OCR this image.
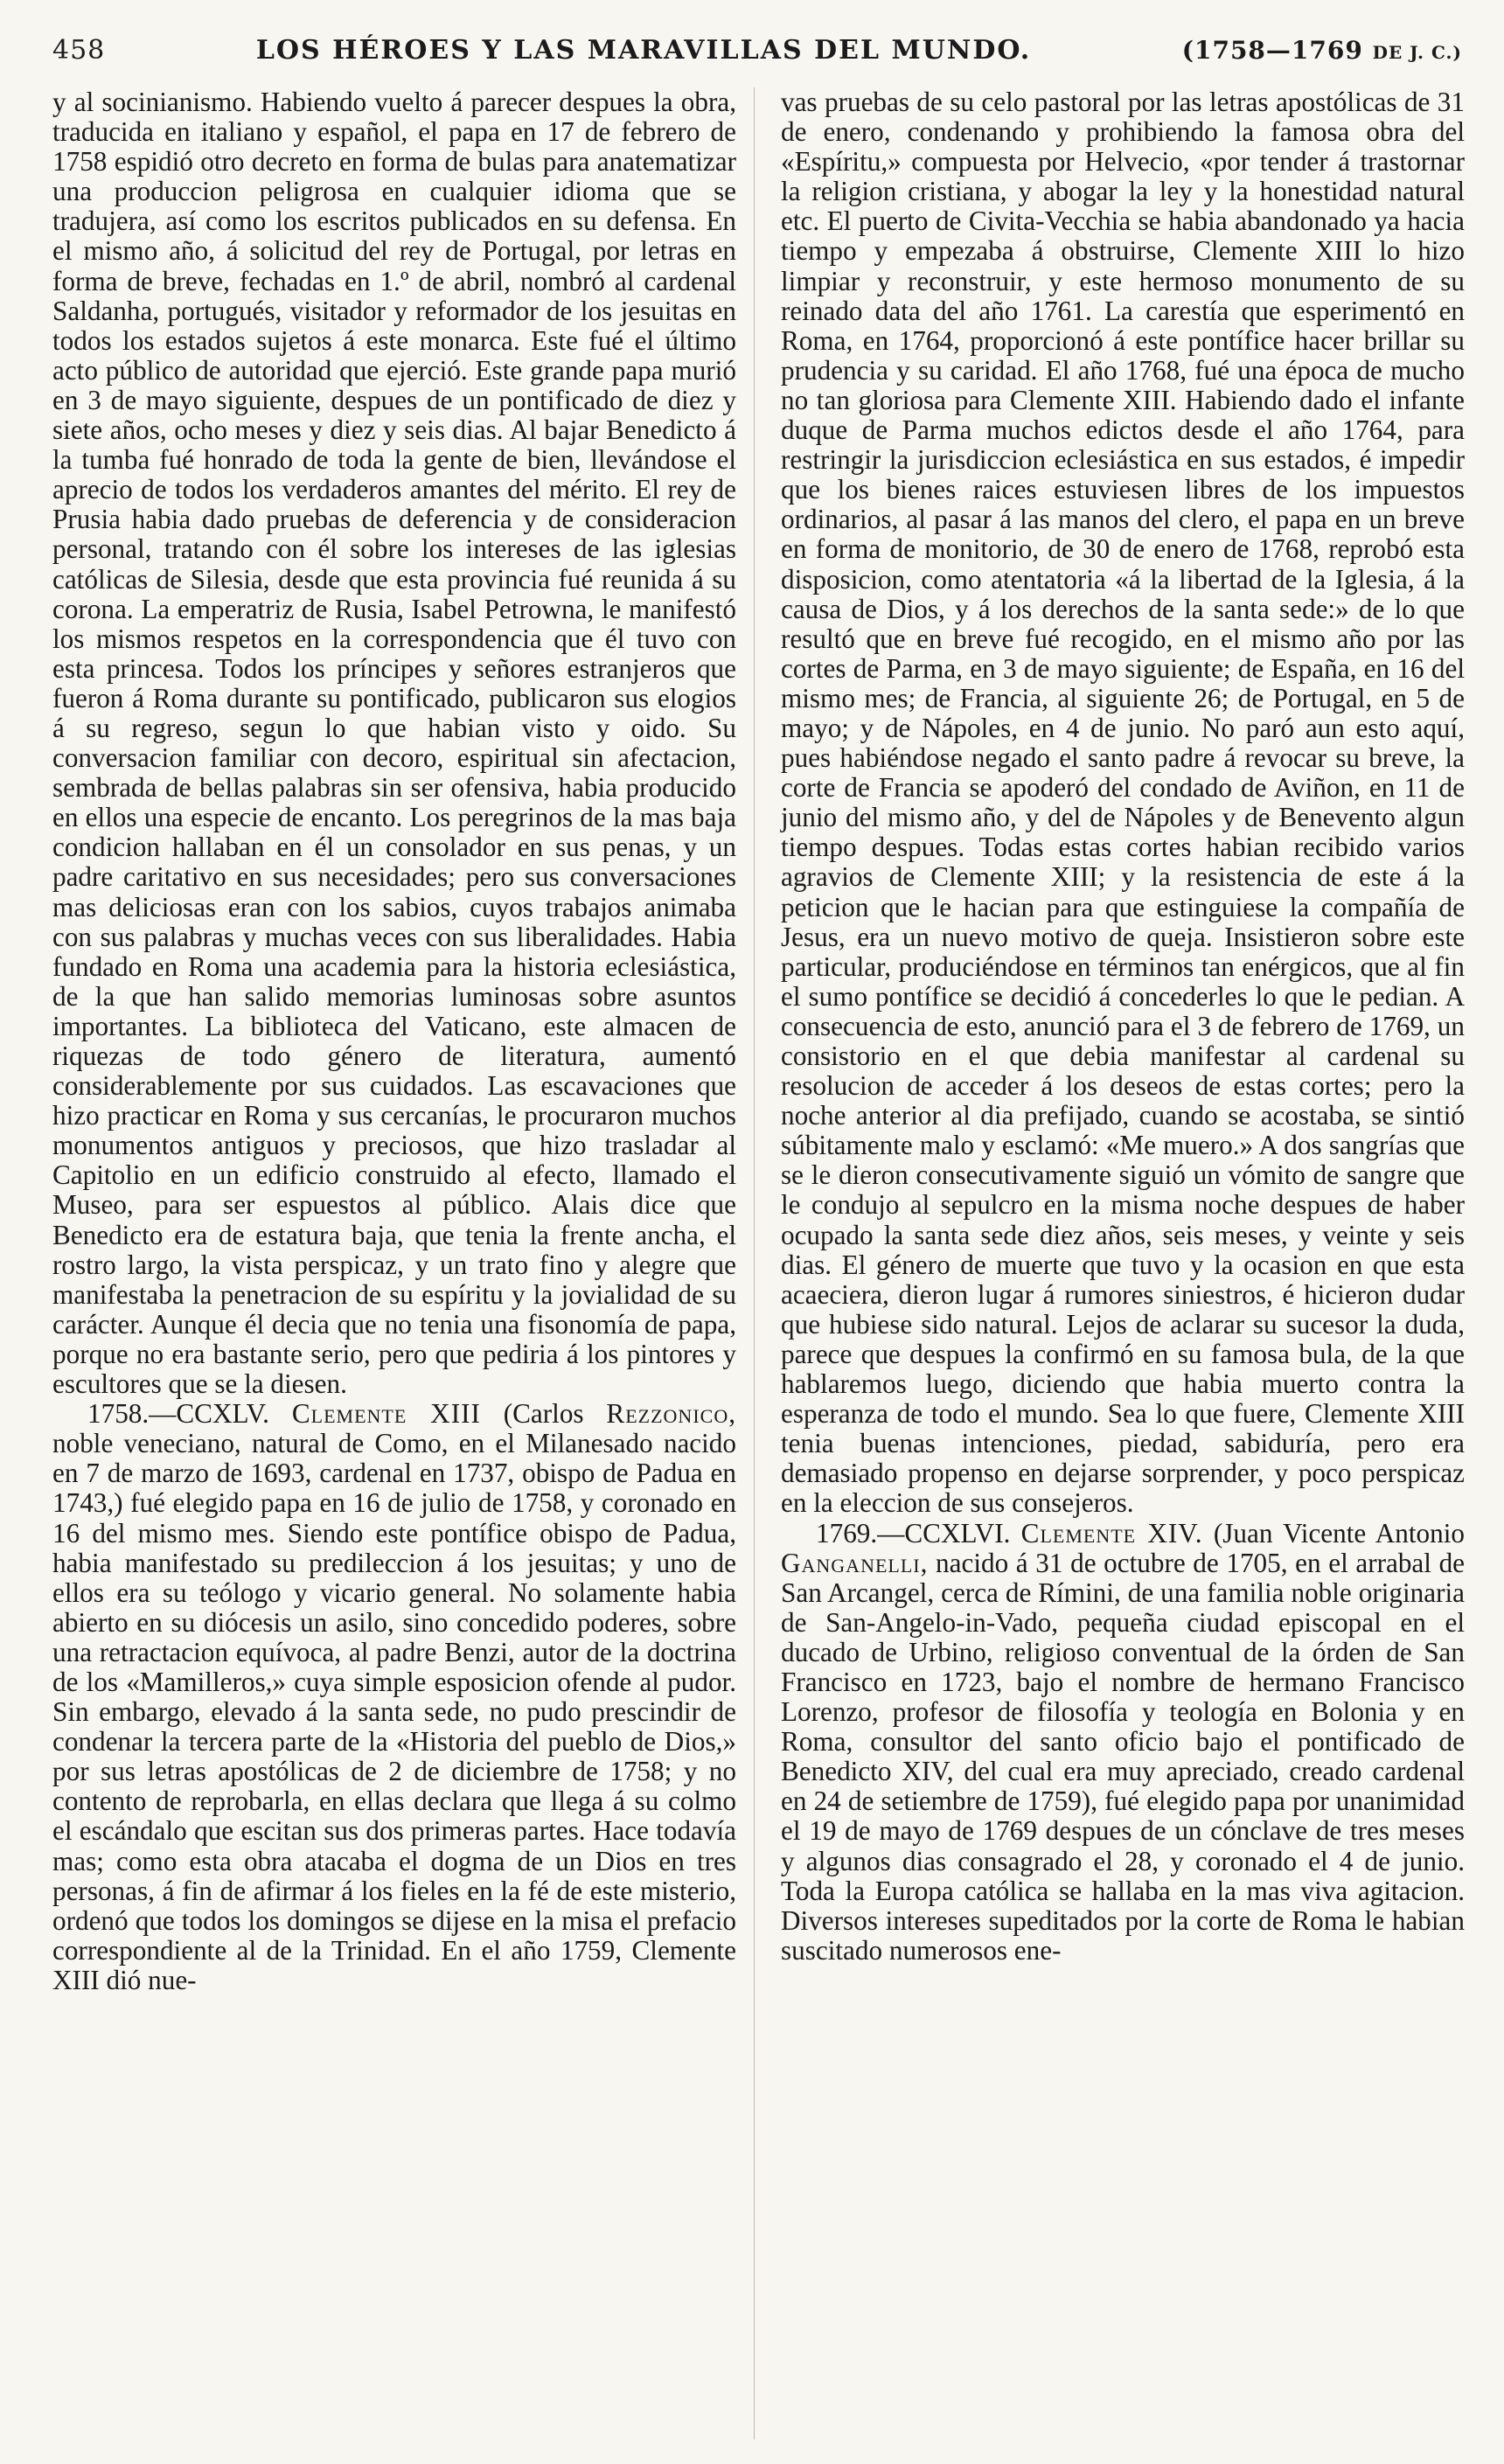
458	LOS HÉROES Y LAS MARAVILLAS DEL MUNDO.	(1758—1769 DE J. C.)

y al socinianismo. Habiendo vuelto á parecer despues la obra, traducida en italiano y español, el papa en 17 de febrero de 1758 espidió otro decreto en forma de bulas para anatematizar una produccion peligrosa en cualquier idioma que se tradujera, así como los escritos publicados en su defensa. En el mismo año, á solicitud del rey de Portugal, por letras en forma de breve, fechadas en 1.º de abril, nombró al cardenal Saldanha, portugués, visitador y reformador de los jesuitas en todos los estados sujetos á este monarca. Este fué el último acto público de autoridad que ejerció. Este grande papa murió en 3 de mayo siguiente, despues de un pontificado de diez y siete años, ocho meses y diez y seis dias. Al bajar Benedicto á la tumba fué honrado de toda la gente de bien, llevándose el aprecio de todos los verdaderos amantes del mérito. El rey de Prusia habia dado pruebas de deferencia y de consideracion personal, tratando con él sobre los intereses de las iglesias católicas de Silesia, desde que esta provincia fué reunida á su corona. La emperatriz de Rusia, Isabel Petrowna, le manifestó los mismos respetos en la correspondencia que él tuvo con esta princesa. Todos los príncipes y señores estranjeros que fueron á Roma durante su pontificado, publicaron sus elogios á su regreso, segun lo que habian visto y oido. Su conversacion familiar con decoro, espiritual sin afectacion, sembrada de bellas palabras sin ser ofensiva, habia producido en ellos una especie de encanto. Los peregrinos de la mas baja condicion hallaban en él un consolador en sus penas, y un padre caritativo en sus necesidades; pero sus conversaciones mas deliciosas eran con los sabios, cuyos trabajos animaba con sus palabras y muchas veces con sus liberalidades. Habia fundado en Roma una academia para la historia eclesiástica, de la que han salido memorias luminosas sobre asuntos importantes. La biblioteca del Vaticano, este almacen de riquezas de todo género de literatura, aumentó considerablemente por sus cuidados. Las escavaciones que hizo practicar en Roma y sus cercanías, le procuraron muchos monumentos antiguos y preciosos, que hizo trasladar al Capitolio en un edificio construido al efecto, llamado el Museo, para ser espuestos al público. Alais dice que Benedicto era de estatura baja, que tenia la frente ancha, el rostro largo, la vista perspicaz, y un trato fino y alegre que manifestaba la penetracion de su espíritu y la jovialidad de su carácter. Aunque él decia que no tenia una fisonomía de papa, porque no era bastante serio, pero que pediria á los pintores y escultores que se la diesen.

1758.—CCXLV. Clemente XIII (Carlos Rezzonico, noble veneciano, natural de Como, en el Milanesado nacido en 7 de marzo de 1693, cardenal en 1737, obispo de Padua en 1743,) fué elegido papa en 16 de julio de 1758, y coronado en 16 del mismo mes. Siendo este pontífice obispo de Padua, habia manifestado su predileccion á los jesuitas; y uno de ellos era su teólogo y vicario general. No solamente habia abierto en su diócesis un asilo, sino concedido poderes, sobre una retractacion equívoca, al padre Benzi, autor de la doctrina de los «Mamilleros,» cuya simple esposicion ofende al pudor. Sin embargo, elevado á la santa sede, no pudo prescindir de condenar la tercera parte de la «Historia del pueblo de Dios,» por sus letras apostólicas de 2 de diciembre de 1758; y no contento de reprobarla, en ellas declara que llega á su colmo el escándalo que escitan sus dos primeras partes. Hace todavía mas; como esta obra atacaba el dogma de un Dios en tres personas, á fin de afirmar á los fieles en la fé de este misterio, ordenó que todos los domingos se dijese en la misa el prefacio correspondiente al de la Trinidad. En el año 1759, Clemente XIII dió nue-

vas pruebas de su celo pastoral por las letras apostólicas de 31 de enero, condenando y prohibiendo la famosa obra del «Espíritu,» compuesta por Helvecio, «por tender á trastornar la religion cristiana, y abogar la ley y la honestidad natural etc. El puerto de Civita-Vecchia se habia abandonado ya hacia tiempo y empezaba á obstruirse, Clemente XIII lo hizo limpiar y reconstruir, y este hermoso monumento de su reinado data del año 1761. La carestía que esperimentó en Roma, en 1764, proporcionó á este pontífice hacer brillar su prudencia y su caridad. El año 1768, fué una época de mucho no tan gloriosa para Clemente XIII. Habiendo dado el infante duque de Parma muchos edictos desde el año 1764, para restringir la jurisdiccion eclesiástica en sus estados, é impedir que los bienes raices estuviesen libres de los impuestos ordinarios, al pasar á las manos del clero, el papa en un breve en forma de monitorio, de 30 de enero de 1768, reprobó esta disposicion, como atentatoria «á la libertad de la Iglesia, á la causa de Dios, y á los derechos de la santa sede:» de lo que resultó que en breve fué recogido, en el mismo año por las cortes de Parma, en 3 de mayo siguiente; de España, en 16 del mismo mes; de Francia, al siguiente 26; de Portugal, en 5 de mayo; y de Nápoles, en 4 de junio. No paró aun esto aquí, pues habiéndose negado el santo padre á revocar su breve, la corte de Francia se apoderó del condado de Aviñon, en 11 de junio del mismo año, y del de Nápoles y de Benevento algun tiempo despues. Todas estas cortes habian recibido varios agravios de Clemente XIII; y la resistencia de este á la peticion que le hacian para que estinguiese la compañía de Jesus, era un nuevo motivo de queja. Insistieron sobre este particular, produciéndose en términos tan enérgicos, que al fin el sumo pontífice se decidió á concederles lo que le pedian. A consecuencia de esto, anunció para el 3 de febrero de 1769, un consistorio en el que debia manifestar al cardenal su resolucion de acceder á los deseos de estas cortes; pero la noche anterior al dia prefijado, cuando se acostaba, se sintió súbitamente malo y esclamó: «Me muero.» A dos sangrías que se le dieron consecutivamente siguió un vómito de sangre que le condujo al sepulcro en la misma noche despues de haber ocupado la santa sede diez años, seis meses, y veinte y seis dias. El género de muerte que tuvo y la ocasion en que esta acaeciera, dieron lugar á rumores siniestros, é hicieron dudar que hubiese sido natural. Lejos de aclarar su sucesor la duda, parece que despues la confirmó en su famosa bula, de la que hablaremos luego, diciendo que habia muerto contra la esperanza de todo el mundo. Sea lo que fuere, Clemente XIII tenia buenas intenciones, piedad, sabiduría, pero era demasiado propenso en dejarse sorprender, y poco perspicaz en la eleccion de sus consejeros.

1769.—CCXLVI. Clemente XIV. (Juan Vicente Antonio Ganganelli, nacido á 31 de octubre de 1705, en el arrabal de San Arcangel, cerca de Rímini, de una familia noble originaria de San-Angelo-in-Vado, pequeña ciudad episcopal en el ducado de Urbino, religioso conventual de la órden de San Francisco en 1723, bajo el nombre de hermano Francisco Lorenzo, profesor de filosofía y teología en Bolonia y en Roma, consultor del santo oficio bajo el pontificado de Benedicto XIV, del cual era muy apreciado, creado cardenal en 24 de setiembre de 1759), fué elegido papa por unanimidad el 19 de mayo de 1769 despues de un cónclave de tres meses y algunos dias consagrado el 28, y coronado el 4 de junio. Toda la Europa católica se hallaba en la mas viva agitacion. Diversos intereses supeditados por la corte de Roma le habian suscitado numerosos ene-
